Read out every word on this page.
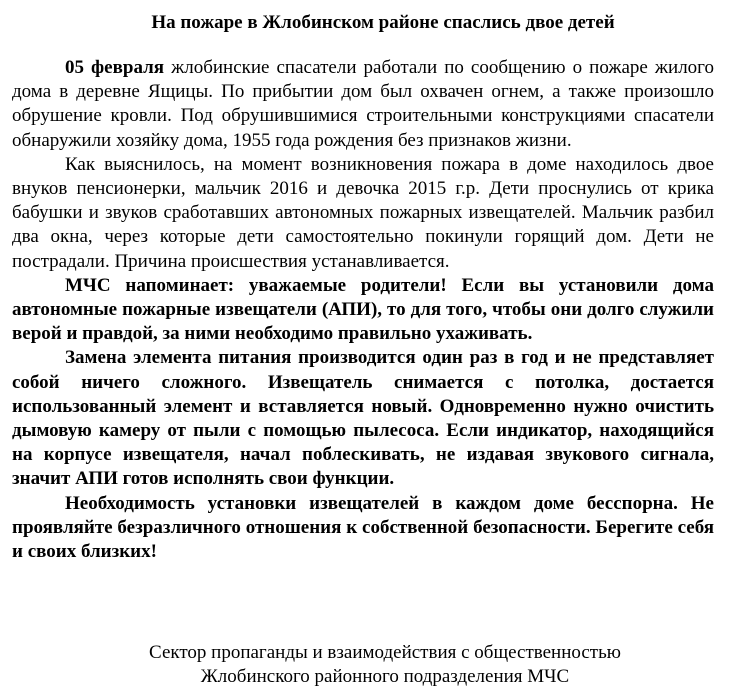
На пожаре в Жлобинском районе спаслись двое детей

05 февраля жлобинские спасатели работали по сообщению о пожаре жилого дома в деревне Ящицы. По прибытии дом был охвачен огнем, а также произошло обрушение кровли. Под обрушившимися строительными конструкциями спасатели обнаружили хозяйку дома, 1955 года рождения без признаков жизни.

Как выяснилось, на момент возникновения пожара в доме находилось двое внуков пенсионерки, мальчик 2016 и девочка 2015 г.р. Дети проснулись от крика бабушки и звуков сработавших автономных пожарных извещателей. Мальчик разбил два окна, через которые дети самостоятельно покинули горящий дом. Дети не пострадали. Причина происшествия устанавливается.

МЧС напоминает: уважаемые родители! Если вы установили дома автономные пожарные извещатели (АПИ), то для того, чтобы они долго служили верой и правдой, за ними необходимо правильно ухаживать.

Замена элемента питания производится один раз в год и не представляет собой ничего сложного. Извещатель снимается с потолка, достается использованный элемент и вставляется новый. Одновременно нужно очистить дымовую камеру от пыли с помощью пылесоса. Если индикатор, находящийся на корпусе извещателя, начал поблескивать, не издавая звукового сигнала, значит АПИ готов исполнять свои функции.

Необходимость установки извещателей в каждом доме бесспорна. Не проявляйте безразличного отношения к собственной безопасности. Берегите себя и своих близких!

Сектор пропаганды и взаимодействия с общественностью
Жлобинского районного подразделения МЧС
